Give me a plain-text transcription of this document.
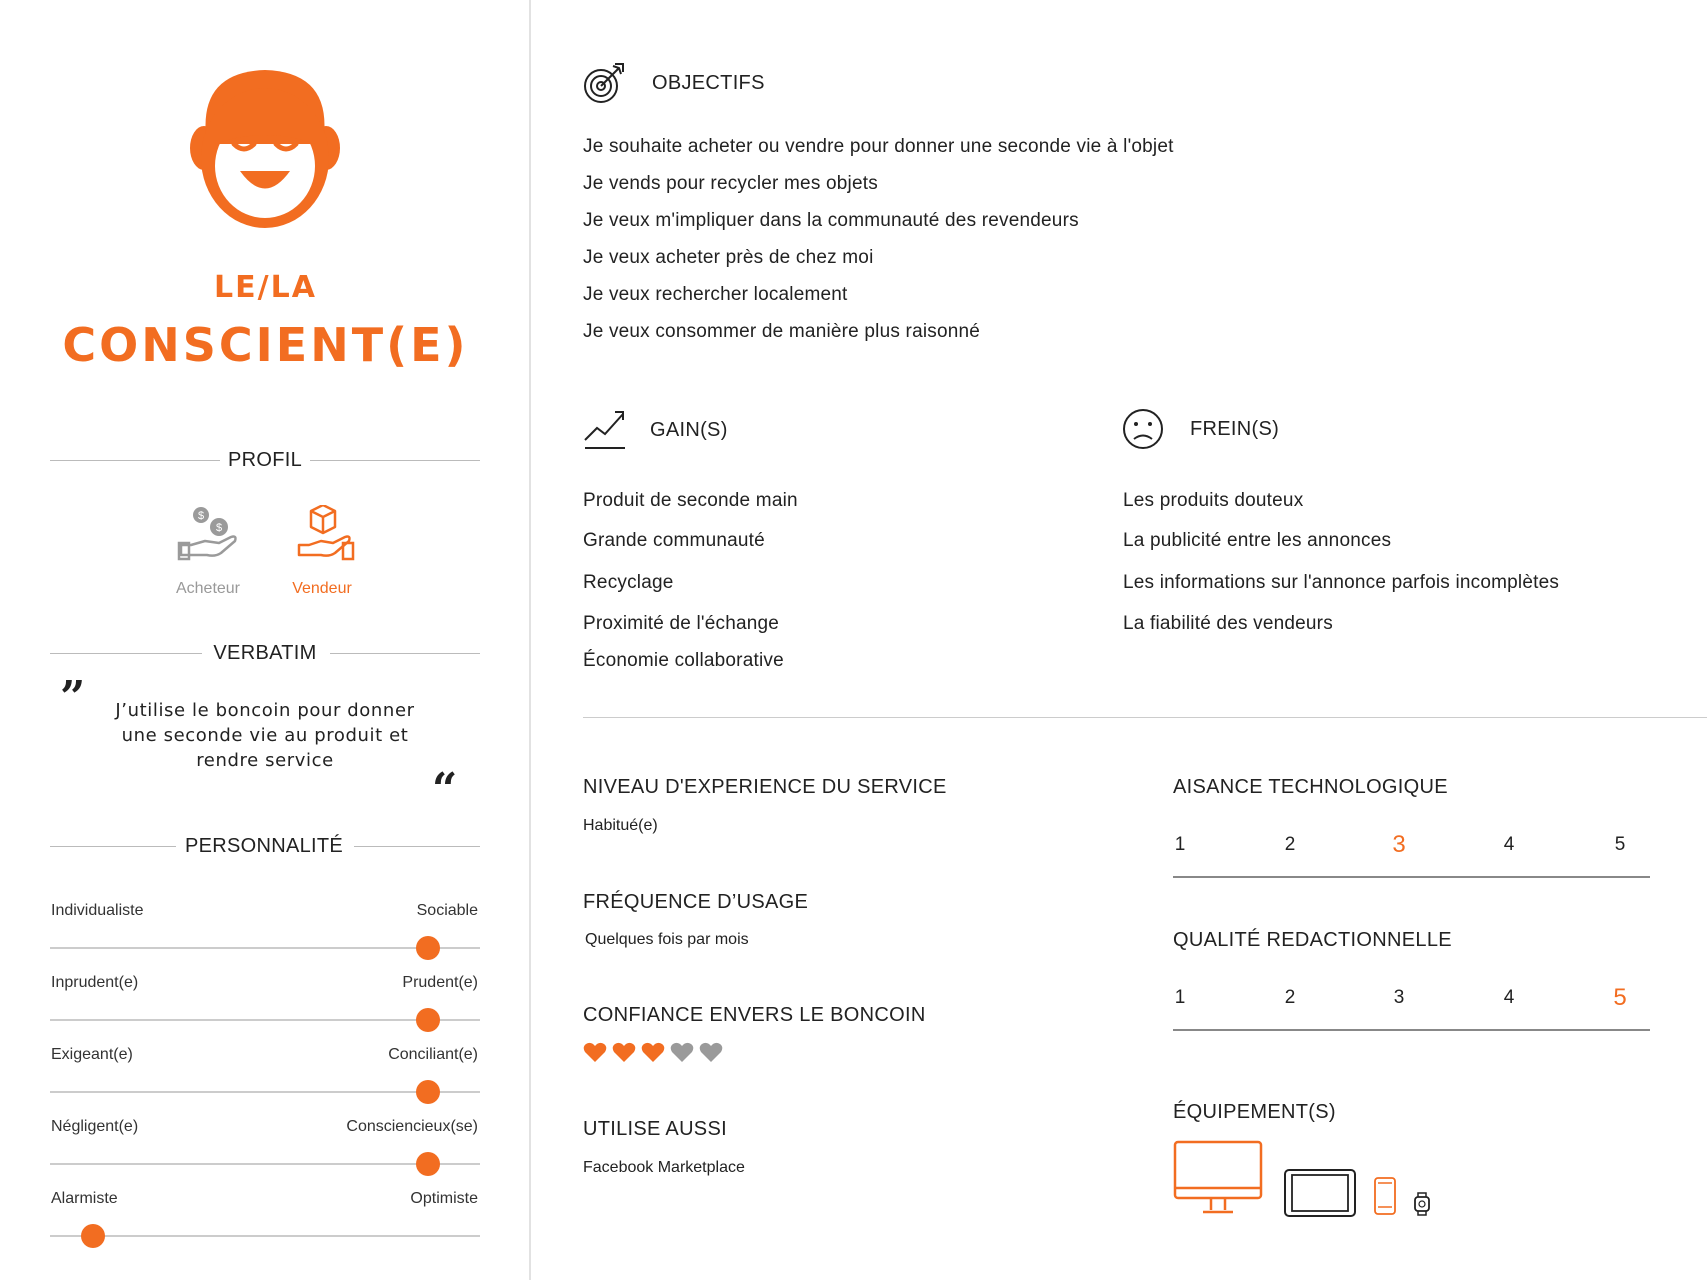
LE/LA
CONSCIENT(E)
PROFIL
$
$
Acheteur	Vendeur
VERBATIM
”	J’utilise le boncoin pour donner
une seconde vie au produit et
rendre service
“
PERSONNALITÉ
Individualiste	Sociable
Inprudent(e)	Prudent(e)
Exigeant(e)	Conciliant(e)
Négligent(e)	Consciencieux(se)
Alarmiste	Optimiste
OBJECTIFS
Je souhaite acheter ou vendre pour donner une seconde vie à l'objet
Je vends pour recycler mes objets
Je veux m'impliquer dans la communauté des revendeurs
Je veux acheter près de chez moi
Je veux rechercher localement
Je veux consommer de manière plus raisonné
GAIN(S)
Produit de seconde main
Grande communauté
Recyclage
Proximité de l'échange
Économie collaborative
FREIN(S)
Les produits douteux
La publicité entre les annonces
Les informations sur l'annonce parfois incomplètes
La fiabilité des vendeurs
NIVEAU D'EXPERIENCE DU SERVICE
Habitué(e)
FRÉQUENCE D’USAGE
Quelques fois par mois
CONFIANCE ENVERS LE BONCOIN
UTILISE AUSSI
Facebook Marketplace
AISANCE TECHNOLOGIQUE
QUALITÉ REDACTIONNELLE
ÉQUIPEMENT(S)
1	2	3	4	5
1	2	3	4	5
